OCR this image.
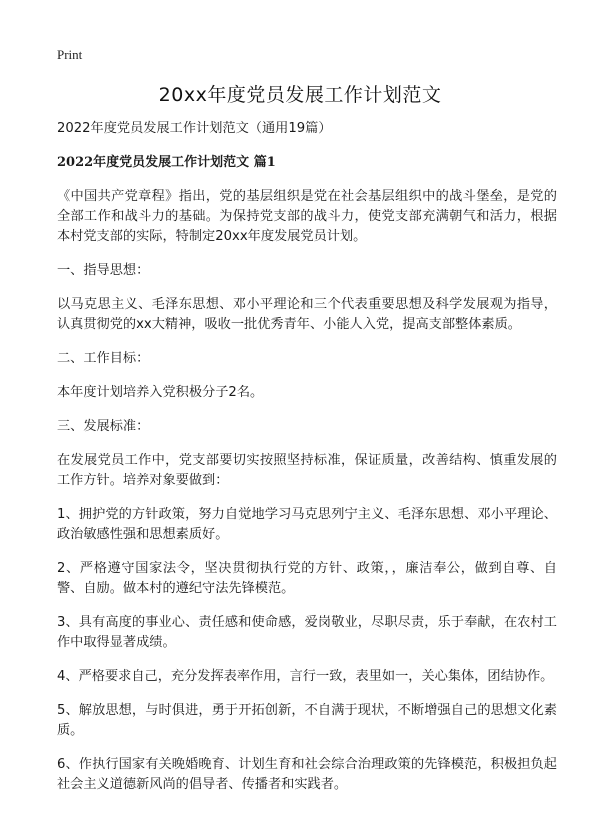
Print
20xx年度党员发展工作计划范文

2022年度党员发展工作计划范文（通用19篇）

2022年度党员发展工作计划范文 篇1

《中国共产党章程》指出，党的基层组织是党在社会基层组织中的战斗堡垒，是党的全部工作和战斗力的基础。为保持党支部的战斗力，使党支部充满朝气和活力，根据本村党支部的实际，特制定20xx年度发展党员计划。

一、指导思想：

以马克思主义、毛泽东思想、邓小平理论和三个代表重要思想及科学发展观为指导，认真贯彻党的xx大精神，吸收一批优秀青年、小能人入党，提高支部整体素质。

二、工作目标：

本年度计划培养入党积极分子2名。

三、发展标准：

在发展党员工作中，党支部要切实按照坚持标准，保证质量，改善结构、慎重发展的工作方针。培养对象要做到：

1、拥护党的方针政策，努力自觉地学习马克思列宁主义、毛泽东思想、邓小平理论、政治敏感性强和思想素质好。

2、严格遵守国家法令，坚决贯彻执行党的方针、政策，，廉洁奉公，做到自尊、自警、自励。做本村的遵纪守法先锋模范。

3、具有高度的事业心、责任感和使命感，爱岗敬业，尽职尽责，乐于奉献，在农村工作中取得显著成绩。

4、严格要求自己，充分发挥表率作用，言行一致，表里如一，关心集体，团结协作。

5、解放思想，与时俱进，勇于开拓创新，不自满于现状，不断增强自己的思想文化素质。

6、作执行国家有关晚婚晚育、计划生育和社会综合治理政策的先锋模范，积极担负起社会主义道德新风尚的倡导者、传播者和实践者。
